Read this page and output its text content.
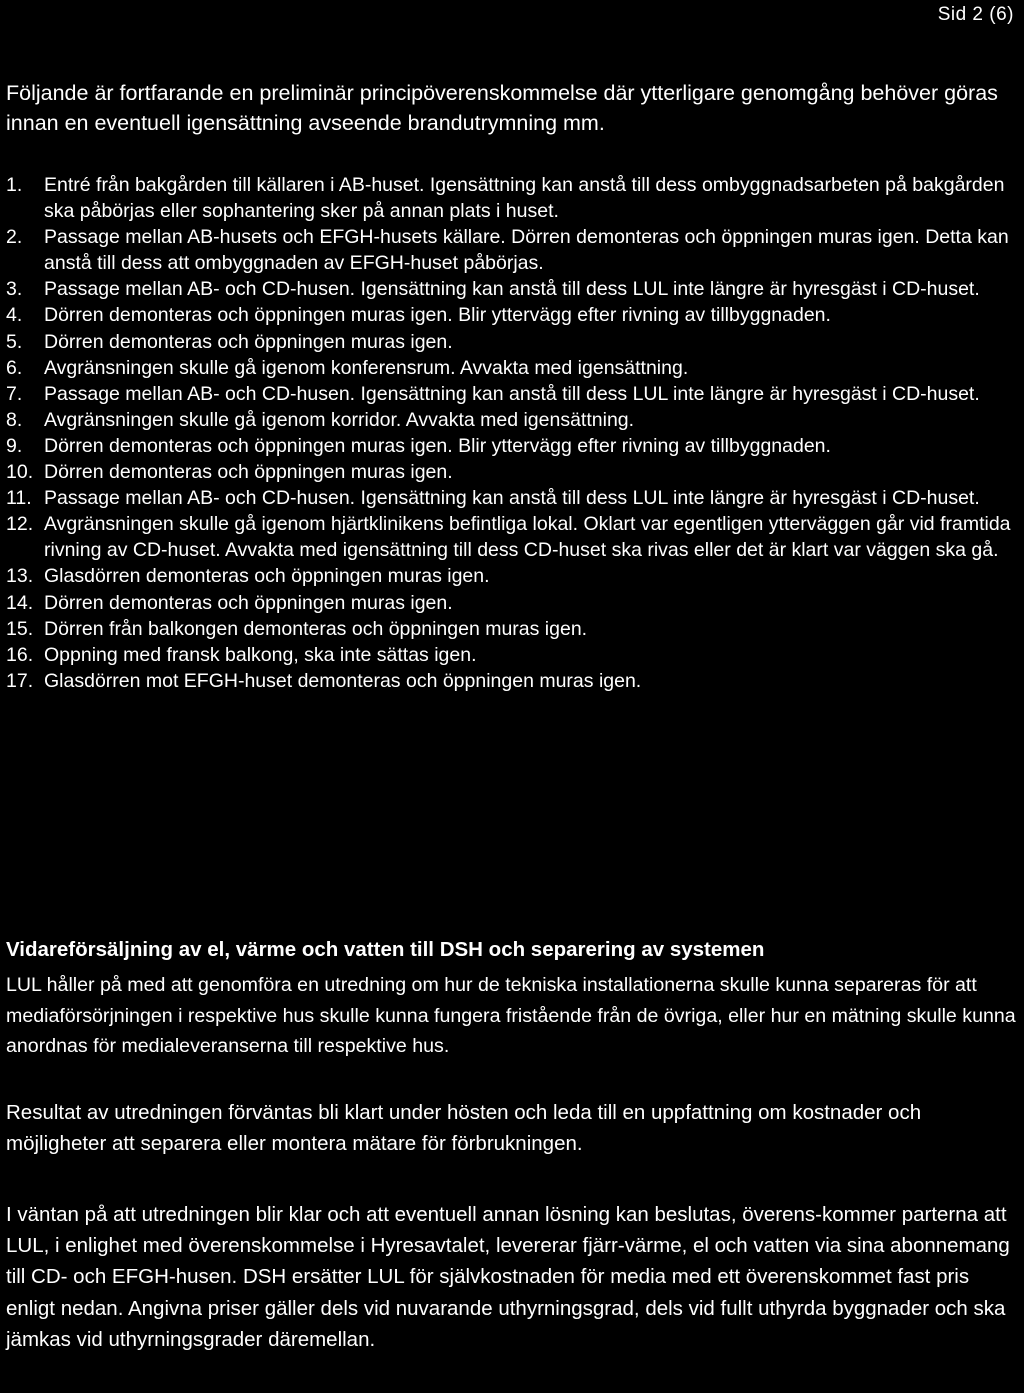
Sid 2 (6)

Följande är fortfarande en preliminär principöverenskommelse där ytterligare genomgång behöver göras innan en eventuell igensättning avseende brandutrymning mm.

1.	Entré från bakgården till källaren i AB-huset. Igensättning kan anstå till dess ombyggnadsarbeten på bakgården ska påbörjas eller sophantering sker på annan plats i huset.
2.	Passage mellan AB-husets och EFGH-husets källare. Dörren demonteras och öppningen muras igen. Detta kan anstå till dess att ombyggnaden av EFGH-huset påbörjas.
3.	Passage mellan AB- och CD-husen. Igensättning kan anstå till dess LUL inte längre är hyresgäst i CD-huset.
4.	Dörren demonteras och öppningen muras igen. Blir yttervägg efter rivning av tillbyggnaden.
5.	Dörren demonteras och öppningen muras igen.
6.	Avgränsningen skulle gå igenom konferensrum. Avvakta med igensättning.
7.	Passage mellan AB- och CD-husen. Igensättning kan anstå till dess LUL inte längre är hyresgäst i CD-huset.
8.	Avgränsningen skulle gå igenom korridor. Avvakta med igensättning.
9.	Dörren demonteras och öppningen muras igen. Blir yttervägg efter rivning av tillbyggnaden.
10. Dörren demonteras och öppningen muras igen.
11. Passage mellan AB- och CD-husen. Igensättning kan anstå till dess LUL inte längre är hyresgäst i CD-huset.
12. Avgränsningen skulle gå igenom hjärtklinikens befintliga lokal. Oklart var egentligen ytterväggen går vid framtida rivning av CD-huset. Avvakta med igensättning till dess CD-huset ska rivas eller det är klart var väggen ska gå.
13. Glasdörren demonteras och öppningen muras igen.
14. Dörren demonteras och öppningen muras igen.
15. Dörren från balkongen demonteras och öppningen muras igen.
16. Oppning med fransk balkong, ska inte sättas igen.
17. Glasdörren mot EFGH-huset demonteras och öppningen muras igen.
Vidareförsäljning av el, värme och vatten till DSH och separering av systemen

LUL håller på med att genomföra en utredning om hur de tekniska installationerna skulle kunna separeras för att mediaförsörjningen i respektive hus skulle kunna fungera fristående från de övriga, eller hur en mätning skulle kunna anordnas för medialeveranserna till respektive hus.

Resultat av utredningen förväntas bli klart under hösten och leda till en uppfattning om kostnader och möjligheter att separera eller montera mätare för förbrukningen.

I väntan på att utredningen blir klar och att eventuell annan lösning kan beslutas, överens-kommer parterna att LUL, i enlighet med överenskommelse i Hyresavtalet, levererar fjärr-värme, el och vatten via sina abonnemang till CD- och EFGH-husen. DSH ersätter LUL för självkostnaden för media med ett överenskommet fast pris enligt nedan. Angivna priser gäller dels vid nuvarande uthyrningsgrad, dels vid fullt uthyrda byggnader och ska jämkas vid uthyrningsgrader däremellan.
